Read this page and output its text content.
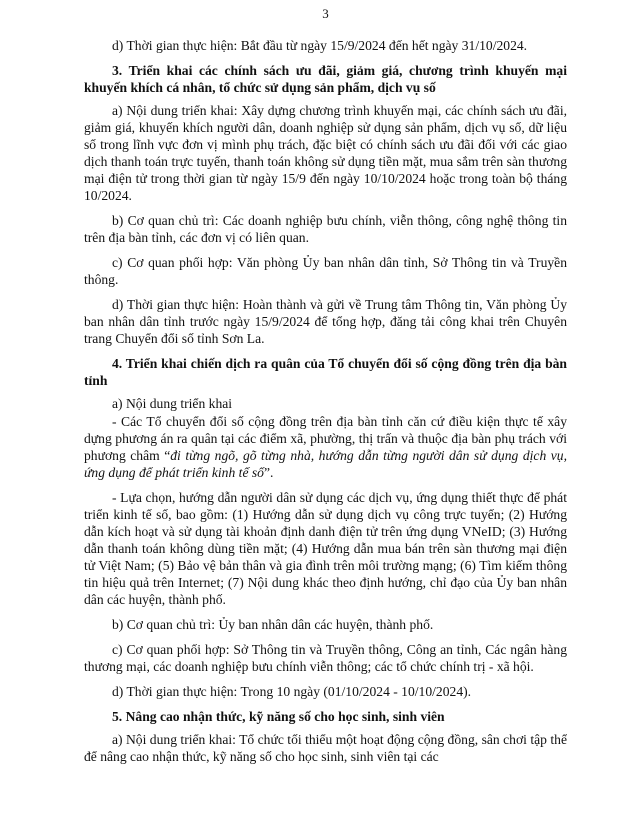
3

d) Thời gian thực hiện: Bắt đầu từ ngày 15/9/2024 đến hết ngày 31/10/2024.

3. Triển khai các chính sách ưu đãi, giảm giá, chương trình khuyến mại khuyến khích cá nhân, tổ chức sử dụng sản phẩm, dịch vụ số

a) Nội dung triển khai: Xây dựng chương trình khuyến mại, các chính sách ưu đãi, giảm giá, khuyến khích người dân, doanh nghiệp sử dụng sản phẩm, dịch vụ số, dữ liệu số trong lĩnh vực đơn vị mình phụ trách, đặc biệt có chính sách ưu đãi đối với các giao dịch thanh toán trực tuyến, thanh toán không sử dụng tiền mặt, mua sắm trên sàn thương mại điện tử trong thời gian từ ngày 15/9 đến ngày 10/10/2024 hoặc trong toàn bộ tháng 10/2024.

b) Cơ quan chủ trì: Các doanh nghiệp bưu chính, viễn thông, công nghệ thông tin trên địa bàn tỉnh, các đơn vị có liên quan.

c) Cơ quan phối hợp: Văn phòng Ủy ban nhân dân tỉnh, Sở Thông tin và Truyền thông.

d) Thời gian thực hiện: Hoàn thành và gửi về Trung tâm Thông tin, Văn phòng Ủy ban nhân dân tỉnh trước ngày 15/9/2024 để tổng hợp, đăng tải công khai trên Chuyên trang Chuyển đổi số tỉnh Sơn La.

4. Triển khai chiến dịch ra quân của Tổ chuyển đổi số cộng đồng trên địa bàn tỉnh

a) Nội dung triển khai

- Các Tổ chuyển đổi số cộng đồng trên địa bàn tỉnh căn cứ điều kiện thực tế xây dựng phương án ra quân tại các điểm xã, phường, thị trấn và thuộc địa bàn phụ trách với phương châm “đi từng ngõ, gõ từng nhà, hướng dẫn từng người dân sử dụng dịch vụ, ứng dụng để phát triển kinh tế số”.

- Lựa chọn, hướng dẫn người dân sử dụng các dịch vụ, ứng dụng thiết thực để phát triển kinh tế số, bao gồm: (1) Hướng dẫn sử dụng dịch vụ công trực tuyến; (2) Hướng dẫn kích hoạt và sử dụng tài khoản định danh điện tử trên ứng dụng VNeID; (3) Hướng dẫn thanh toán không dùng tiền mặt; (4) Hướng dẫn mua bán trên sàn thương mại điện tử Việt Nam; (5) Bảo vệ bản thân và gia đình trên môi trường mạng; (6) Tìm kiếm thông tin hiệu quả trên Internet; (7) Nội dung khác theo định hướng, chỉ đạo của Ủy ban nhân dân các huyện, thành phố.

b) Cơ quan chủ trì: Ủy ban nhân dân các huyện, thành phố.

c) Cơ quan phối hợp: Sở Thông tin và Truyền thông, Công an tỉnh, Các ngân hàng thương mại, các doanh nghiệp bưu chính viễn thông; các tổ chức chính trị - xã hội.

d) Thời gian thực hiện: Trong 10 ngày (01/10/2024 - 10/10/2024).

5. Nâng cao nhận thức, kỹ năng số cho học sinh, sinh viên

a) Nội dung triển khai: Tổ chức tối thiểu một hoạt động cộng đồng, sân chơi tập thể để nâng cao nhận thức, kỹ năng số cho học sinh, sinh viên tại các
